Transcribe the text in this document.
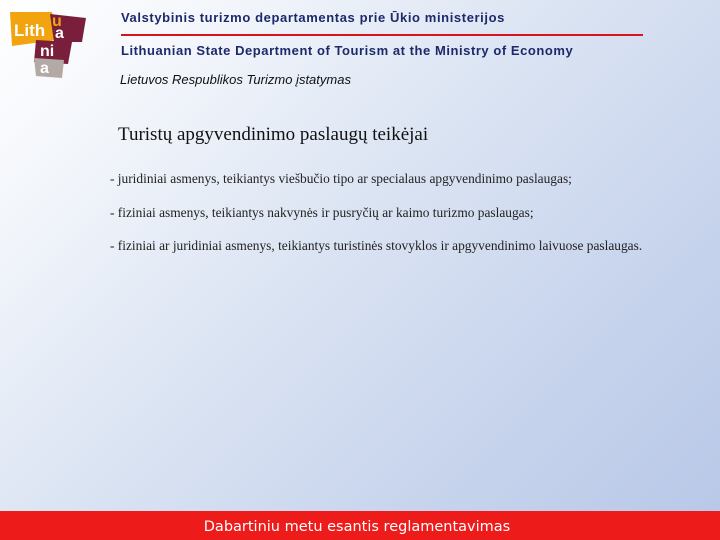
Lith u
a
ni
a
Valstybinis turizmo departamentas prie Ūkio ministerijos
Lithuanian State Department of Tourism at the Ministry of Economy
Lietuvos Respublikos Turizmo įstatymas
Turistų apgyvendinimo paslaugų teikėjai
- juridiniai asmenys, teikiantys viešbučio tipo ar specialaus apgyvendinimo paslaugas;
- fiziniai asmenys, teikiantys nakvynės ir pusryčių ar kaimo turizmo paslaugas;
- fiziniai ar juridiniai asmenys, teikiantys turistinės stovyklos ir apgyvendinimo laivuose paslaugas.
Dabartiniu metu esantis reglamentavimas
